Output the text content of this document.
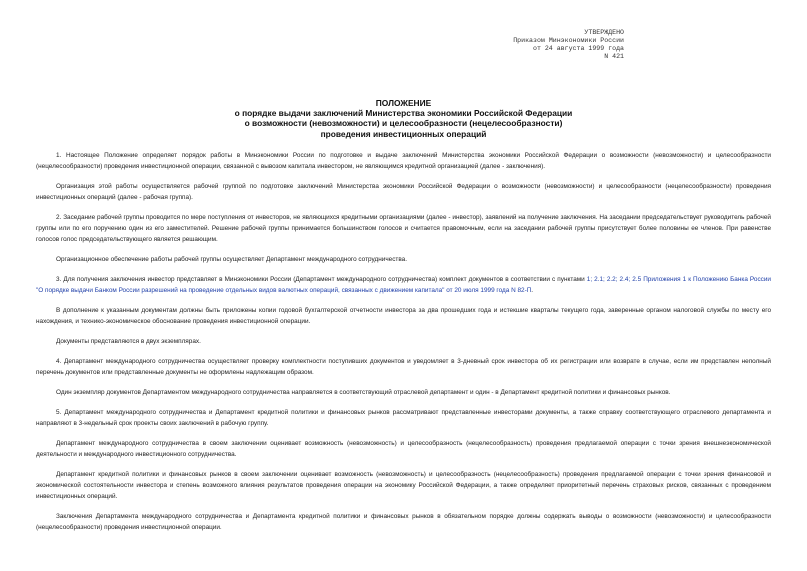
УТВЕРЖДЕНО
Приказом Минэкономики России
от 24 августа 1999 года
N 421
ПОЛОЖЕНИЕ
о порядке выдачи заключений Министерства экономики Российской Федерации
о возможности (невозможности) и целесообразности (нецелесообразности)
проведения инвестиционных операций

1. Настоящее Положение определяет порядок работы в Минэкономики России по подготовке и выдаче заключений Министерства экономики Российской Федерации о возможности (невозможности) и целесообразности (нецелесообразности) проведения инвестиционной операции, связанной с вывозом капитала инвестором, не являющимся кредитной организацией (далее - заключения).

Организация этой работы осуществляется рабочей группой по подготовке заключений Министерства экономики Российской Федерации о возможности (невозможности) и целесообразности (нецелесообразности) проведения инвестиционных операций (далее - рабочая группа).

2. Заседание рабочей группы проводится по мере поступления от инвесторов, не являющихся кредитными организациями (далее - инвестор), заявлений на получение заключения. На заседании председательствует руководитель рабочей группы или по его поручению один из его заместителей. Решение рабочей группы принимается большинством голосов и считается правомочным, если на заседании рабочей группы присутствует более половины ее членов. При равенстве голосов голос председательствующего является решающим.

Организационное обеспечение работы рабочей группы осуществляет Департамент международного сотрудничества.

3. Для получения заключения инвестор представляет в Минэкономики России (Департамент международного сотрудничества) комплект документов в соответствии с пунктами 1; 2.1; 2.2; 2.4; 2.5 Приложения 1 к Положению Банка России "О порядке выдачи Банком России разрешений на проведение отдельных видов валютных операций, связанных с движением капитала" от 20 июля 1999 года N 82-П.

В дополнение к указанным документам должны быть приложены копии годовой бухгалтерской отчетности инвестора за два прошедших года и истекшие кварталы текущего года, заверенные органом налоговой службы по месту его нахождения, и технико-экономическое обоснование проведения инвестиционной операции.

Документы представляются в двух экземплярах.

4. Департамент международного сотрудничества осуществляет проверку комплектности поступивших документов и уведомляет в 3-дневный срок инвестора об их регистрации или возврате в случае, если им представлен неполный перечень документов или представленные документы не оформлены надлежащим образом.

Один экземпляр документов Департаментом международного сотрудничества направляется в соответствующий отраслевой департамент и один - в Департамент кредитной политики и финансовых рынков.

5. Департамент международного сотрудничества и Департамент кредитной политики и финансовых рынков рассматривают представленные инвесторами документы, а также справку соответствующего отраслевого департамента и направляют в 3-недельный срок проекты своих заключений в рабочую группу.

Департамент международного сотрудничества в своем заключении оценивает возможность (невозможность) и целесообразность (нецелесообразность) проведения предлагаемой операции с точки зрения внешнеэкономической деятельности и международного инвестиционного сотрудничества.

Департамент кредитной политики и финансовых рынков в своем заключении оценивает возможность (невозможность) и целесообразность (нецелесообразность) проведения предлагаемой операции с точки зрения финансовой и экономической состоятельности инвестора и степень возможного влияния результатов проведения операции на экономику Российской Федерации, а также определяет приоритетный перечень страховых рисков, связанных с проведением инвестиционных операций.

Заключения Департамента международного сотрудничества и Департамента кредитной политики и финансовых рынков в обязательном порядке должны содержать выводы о возможности (невозможности) и целесообразности (нецелесообразности) проведения инвестиционной операции.
